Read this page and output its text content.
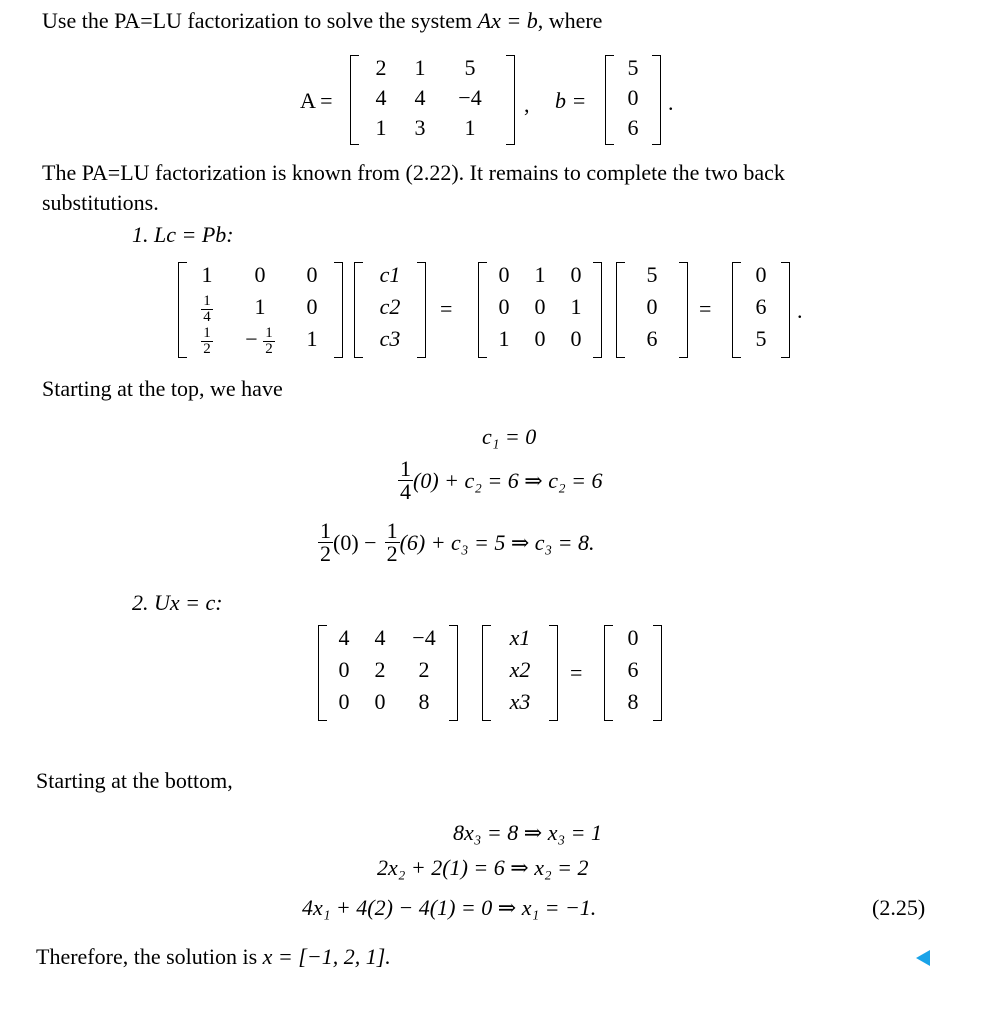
Use the PA=LU factorization to solve the system Ax = b, where
A =
2	1	5
4	4	−4
1	3	1
, b =
5
0
6
.
The PA=LU factorization is known from (2.22). It remains to complete the two back
substitutions.
1. Lc = Pb:
1	0	0
$\frac{1}{4}$	1	0
$\frac{1}{2}$	− $\frac{1}{2}$	1
c1
c2
c3
=
0	1	0
0	0	1
1	0	0
5
0
6
=
0
6
5
.
Starting at the top, we have
c₁ = 0
$\frac{1}{4} (0) + c_2 = 6$ ⇒ c₂ = 6
$\frac{1}{2} (0) - \frac{1}{2} (6) + c_3 = 5$ ⇒ c₃ = 8.
2. Ux = c:
4	4	−4
0	2	2
0	0	8
x1
x2
x3
=
0
6
8
Starting at the bottom,
8x₃ = 8 ⇒ x₃ = 1
2x₂ + 2(1) = 6 ⇒ x₂ = 2
4x₁ + 4(2) − 4(1) = 0 ⇒ x₁ = −1.	(2.25)
Therefore, the solution is x = [−1, 2, 1].
